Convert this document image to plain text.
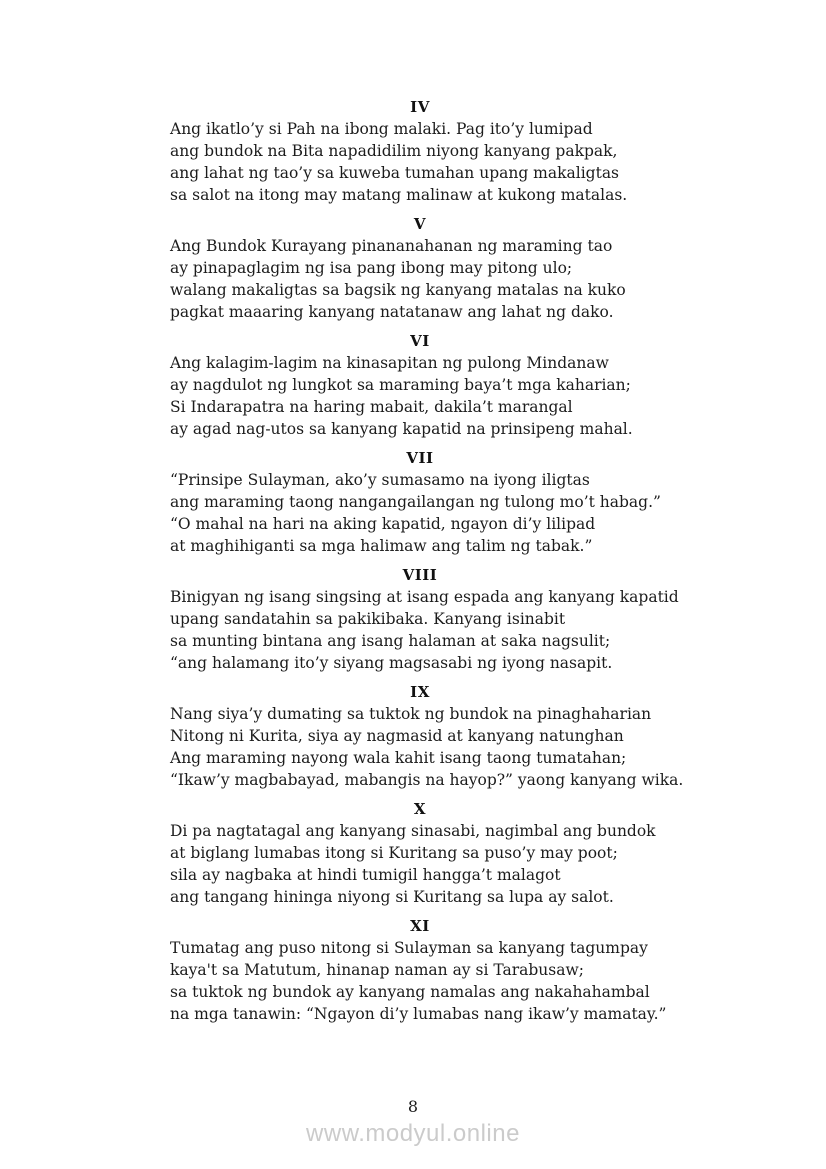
IV

Ang ikatlo’y si Pah na ibong malaki. Pag ito’y lumipad

ang bundok na Bita napadidilim niyong kanyang pakpak,

ang lahat ng tao’y sa kuweba tumahan upang makaligtas

sa salot na itong may matang malinaw at kukong matalas.

V

Ang Bundok Kurayang pinananahanan ng maraming tao

ay pinapaglagim ng isa pang ibong may pitong ulo;

walang makaligtas sa bagsik ng kanyang matalas na kuko

pagkat maaaring kanyang natatanaw ang lahat ng dako.

VI

Ang kalagim-lagim na kinasapitan ng pulong Mindanaw

ay nagdulot ng lungkot sa maraming baya’t mga kaharian;

Si Indarapatra na haring mabait, dakila’t marangal

ay agad nag-utos sa kanyang kapatid na prinsipeng mahal.

VII

“Prinsipe Sulayman, ako’y sumasamo na iyong iligtas

ang maraming taong nangangailangan ng tulong mo’t habag.”

“O mahal na hari na aking kapatid, ngayon di’y lilipad

at maghihiganti sa mga halimaw ang talim ng tabak.”

VIII

Binigyan ng isang singsing at isang espada ang kanyang kapatid

upang sandatahin sa pakikibaka. Kanyang isinabit

sa munting bintana ang isang halaman at saka nagsulit;

“ang halamang ito’y siyang magsasabi ng iyong nasapit.

IX

Nang siya’y dumating sa tuktok ng bundok na pinaghaharian

Nitong ni Kurita, siya ay nagmasid at kanyang natunghan

Ang maraming nayong wala kahit isang taong tumatahan;

“Ikaw’y magbabayad, mabangis na hayop?” yaong kanyang wika.

X

Di pa nagtatagal ang kanyang sinasabi, nagimbal ang bundok

at biglang lumabas itong si Kuritang sa puso’y may poot;

sila ay nagbaka at hindi tumigil hangga’t malagot

ang tangang hininga niyong si Kuritang sa lupa ay salot.

XI

Tumatag ang puso nitong si Sulayman sa kanyang tagumpay

kaya't sa Matutum, hinanap naman ay si Tarabusaw;

sa tuktok ng bundok ay kanyang namalas ang nakahahambal

na mga tanawin: “Ngayon di’y lumabas nang ikaw’y mamatay.”

8
www.modyul.online
